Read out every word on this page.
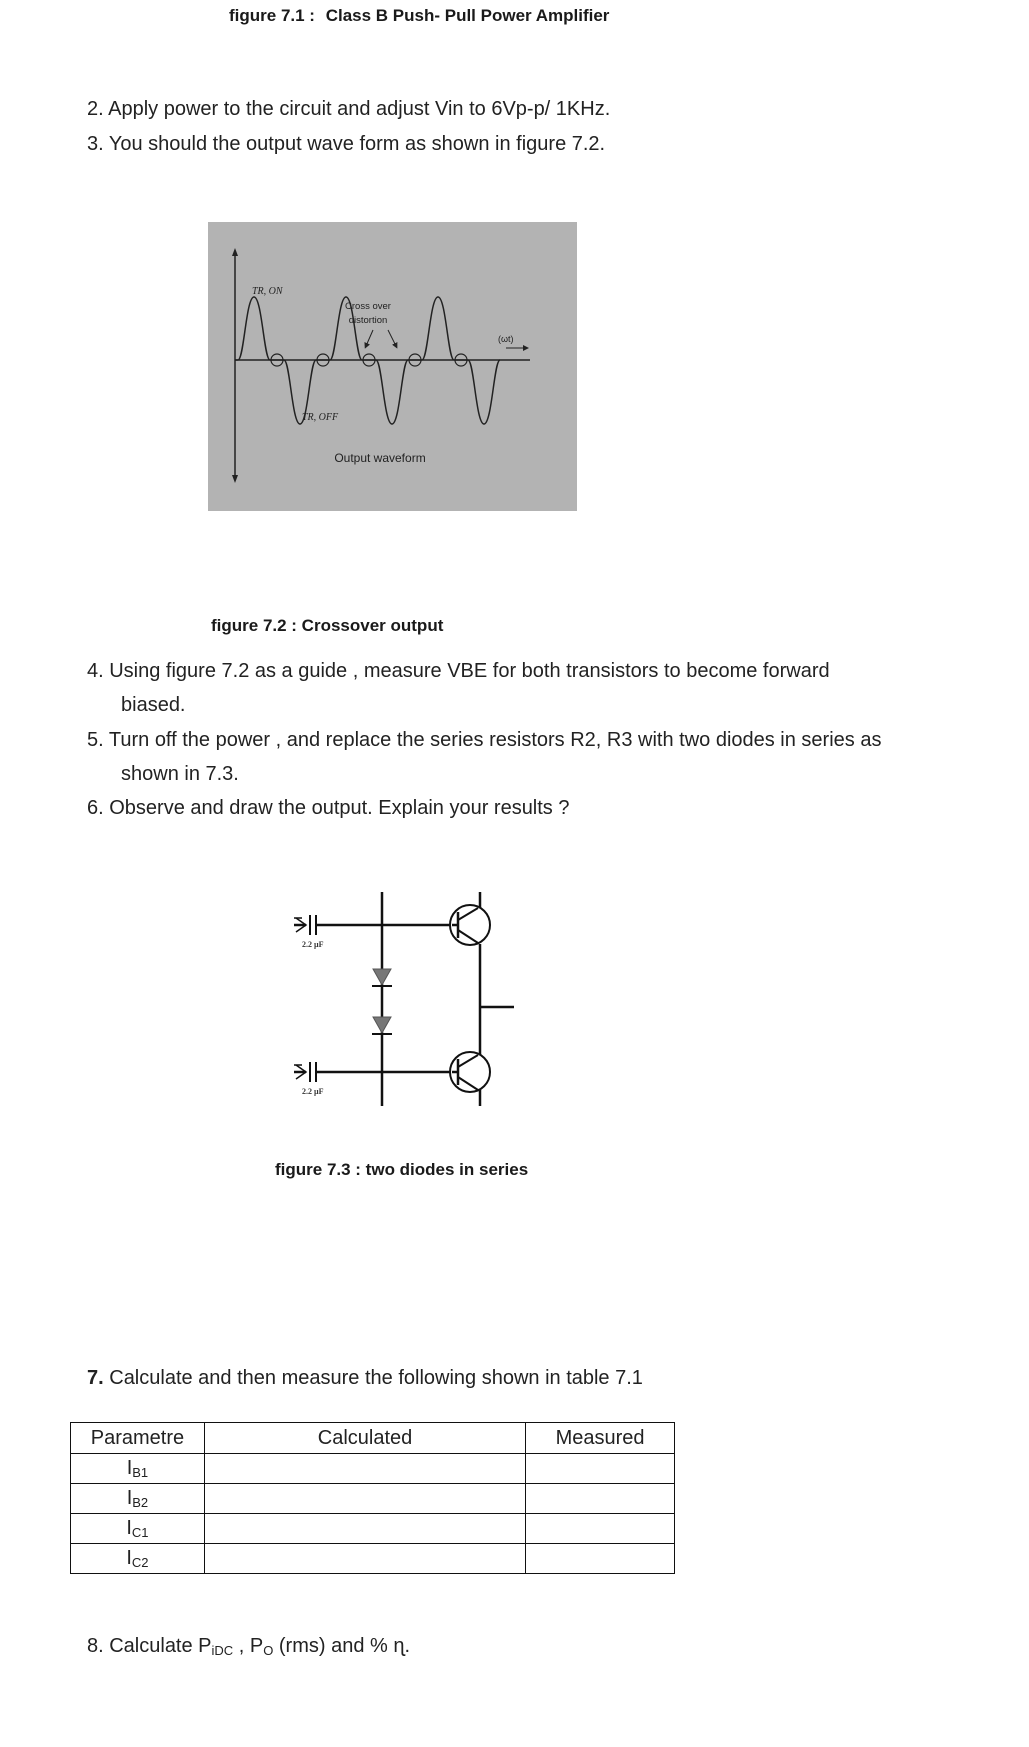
figure 7.1 : Class B Push- Pull Power Amplifier
2. Apply power to the circuit and adjust Vin to 6Vp-p/ 1KHz.
3. You should the output wave form as shown in figure 7.2.
TR, ON
TR, OFF
Cross over
distortion
(ωt)
Output waveform
figure 7.2 : Crossover output
4. Using figure 7.2 as a guide , measure VBE for both transistors to become forward
biased.
5. Turn off the power , and replace the series resistors R2, R3 with two diodes in series as
shown in 7.3.
6. Observe and draw the output. Explain your results ?
2.2 µF
2.2 µF
figure 7.3 : two diodes in series
7. Calculate and then measure the following shown in table 7.1
Parametre	Calculated	Measured
$I_{B1}$		
$I_{B2}$		
$I_{C1}$		
$I_{C2}$		
8. Calculate $P_{iDC}$ , $P_O$ (rms) and % ɳ.
